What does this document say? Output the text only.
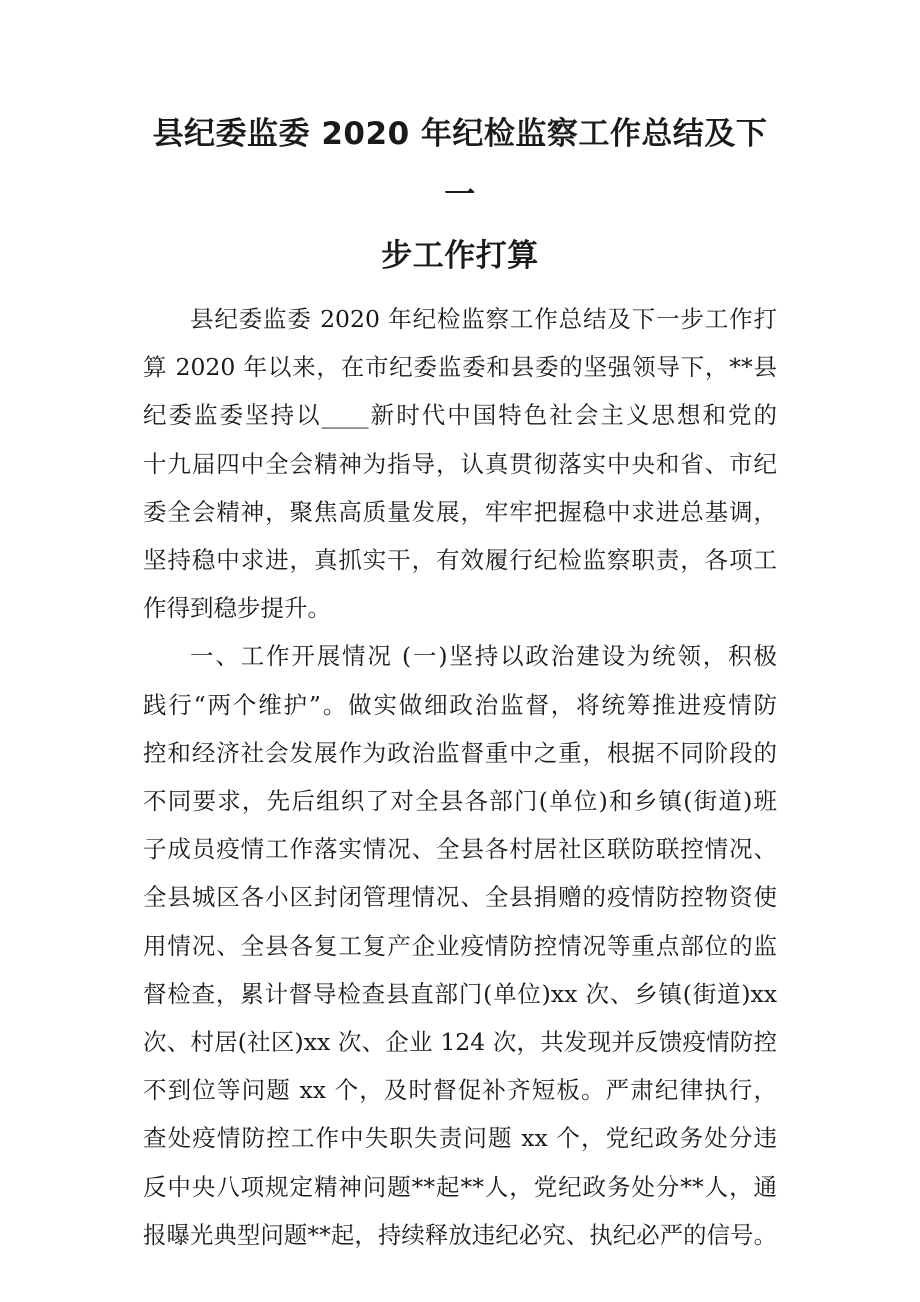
县纪委监委 2020 年纪检监察工作总结及下一
步工作打算

县纪委监委 2020 年纪检监察工作总结及下一步工作打
算 2020 年以来，在市纪委监委和县委的坚强领导下，**县
纪委监委坚持以____新时代中国特色社会主义思想和党的
十九届四中全会精神为指导，认真贯彻落实中央和省、市纪
委全会精神，聚焦高质量发展，牢牢把握稳中求进总基调，
坚持稳中求进，真抓实干，有效履行纪检监察职责，各项工
作得到稳步提升。

一、工作开展情况 (一)坚持以政治建设为统领，积极
践行“两个维护”。做实做细政治监督，将统筹推进疫情防
控和经济社会发展作为政治监督重中之重，根据不同阶段的
不同要求，先后组织了对全县各部门(单位)和乡镇(街道)班
子成员疫情工作落实情况、全县各村居社区联防联控情况、
全县城区各小区封闭管理情况、全县捐赠的疫情防控物资使
用情况、全县各复工复产企业疫情防控情况等重点部位的监
督检查，累计督导检查县直部门(单位)xx 次、乡镇(街道)xx
次、村居(社区)xx 次、企业 124 次，共发现并反馈疫情防控
不到位等问题 xx 个，及时督促补齐短板。严肃纪律执行，
查处疫情防控工作中失职失责问题 xx 个，党纪政务处分违
反中央八项规定精神问题**起**人，党纪政务处分**人，通
报曝光典型问题**起，持续释放违纪必究、执纪必严的信号。
